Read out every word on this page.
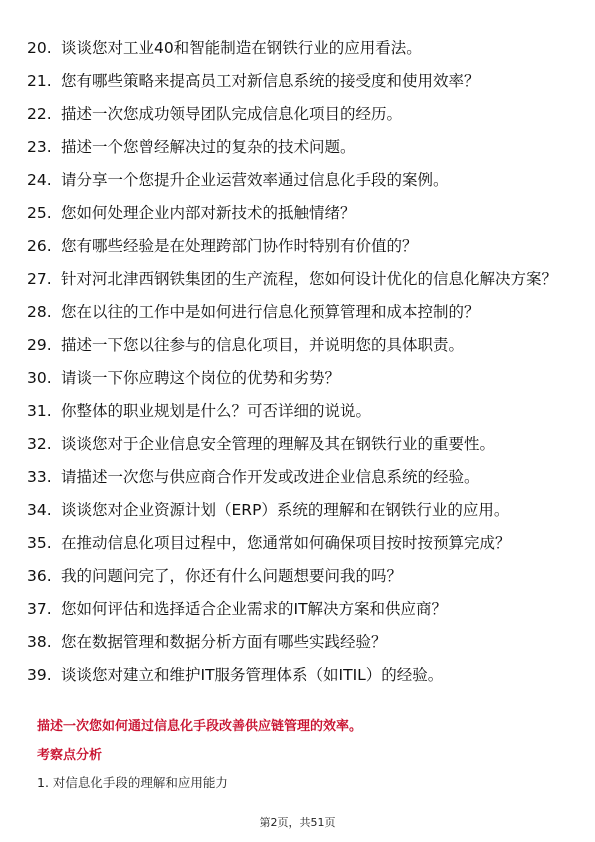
20. 谈谈您对工业40和智能制造在钢铁行业的应用看法。
21. 您有哪些策略来提高员工对新信息系统的接受度和使用效率？
22. 描述一次您成功领导团队完成信息化项目的经历。
23. 描述一个您曾经解决过的复杂的技术问题。
24. 请分享一个您提升企业运营效率通过信息化手段的案例。
25. 您如何处理企业内部对新技术的抵触情绪？
26. 您有哪些经验是在处理跨部门协作时特别有价值的？
27. 针对河北津西钢铁集团的生产流程，您如何设计优化的信息化解决方案？
28. 您在以往的工作中是如何进行信息化预算管理和成本控制的？
29. 描述一下您以往参与的信息化项目，并说明您的具体职责。
30. 请谈一下你应聘这个岗位的优势和劣势？
31. 你整体的职业规划是什么？可否详细的说说。
32. 谈谈您对于企业信息安全管理的理解及其在钢铁行业的重要性。
33. 请描述一次您与供应商合作开发或改进企业信息系统的经验。
34. 谈谈您对企业资源计划（ERP）系统的理解和在钢铁行业的应用。
35. 在推动信息化项目过程中，您通常如何确保项目按时按预算完成？
36. 我的问题问完了，你还有什么问题想要问我的吗？
37. 您如何评估和选择适合企业需求的IT解决方案和供应商？
38. 您在数据管理和数据分析方面有哪些实践经验？
39. 谈谈您对建立和维护IT服务管理体系（如ITIL）的经验。
描述一次您如何通过信息化手段改善供应链管理的效率。
考察点分析
1. 对信息化手段的理解和应用能力
第2页，共51页
